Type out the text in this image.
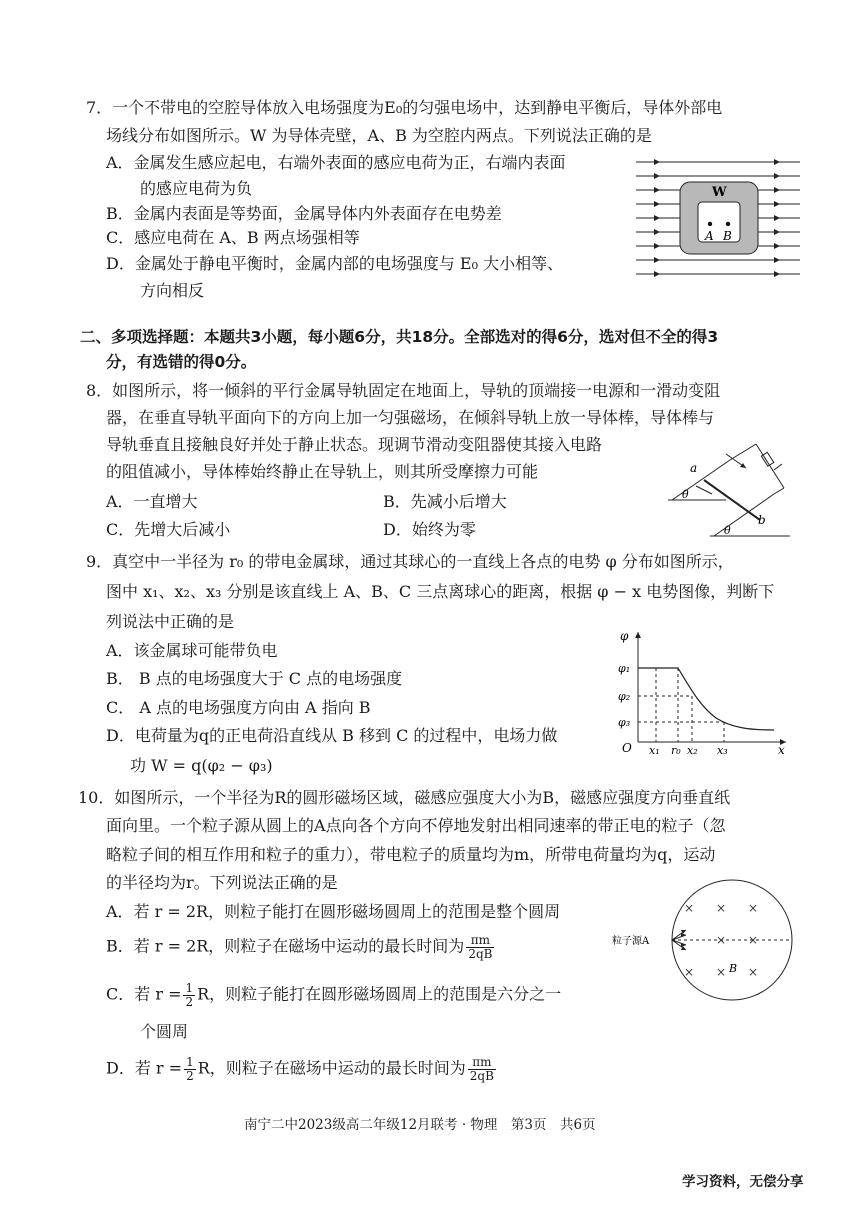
7．一个不带电的空腔导体放入电场强度为E₀的匀强电场中，达到静电平衡后，导体外部电
场线分布如图所示。W 为导体壳壁，A、B 为空腔内两点。下列说法正确的是
A．金属发生感应起电，右端外表面的感应电荷为正，右端内表面
的感应电荷为负
B．金属内表面是等势面，金属导体内外表面存在电势差
C．感应电荷在 A、B 两点场强相等
D．金属处于静电平衡时，金属内部的电场强度与 E₀ 大小相等、
方向相反
W
A B
二、多项选择题：本题共3小题，每小题6分，共18分。全部选对的得6分，选对但不全的得3
分，有选错的得0分。
8．如图所示，将一倾斜的平行金属导轨固定在地面上，导轨的顶端接一电源和一滑动变阻
器，在垂直导轨平面向下的方向上加一匀强磁场，在倾斜导轨上放一导体棒，导体棒与
导轨垂直且接触良好并处于静止状态。现调节滑动变阻器使其接入电路
的阻值减小，导体棒始终静止在导轨上，则其所受摩擦力可能
A．一直增大	B．先减小后增大
C．先增大后减小	D．始终为零
a
b
θ
θ
9．真空中一半径为 r₀ 的带电金属球，通过其球心的一直线上各点的电势 φ 分布如图所示，
图中 x₁、x₂、x₃ 分别是该直线上 A、B、C 三点离球心的距离，根据 φ − x 电势图像，判断下
列说法中正确的是
A．该金属球可能带负电
B． B 点的电场强度大于 C 点的电场强度
C． A 点的电场强度方向由 A 指向 B
D．电荷量为q的正电荷沿直线从 B 移到 C 的过程中，电场力做
功 W = q(φ₂ − φ₃)
φ
φ₁
φ₂
φ₃
O	x
x₁ r₀ x₂ x₃
10．如图所示，一个半径为R的圆形磁场区域，磁感应强度大小为B，磁感应强度方向垂直纸
面向里。一个粒子源从圆上的A点向各个方向不停地发射出相同速率的带正电的粒子（忽
略粒子间的相互作用和粒子的重力），带电粒子的质量均为m，所带电荷量均为q，运动
的半径均为r。下列说法正确的是
A．若 r = 2R，则粒子能打在圆形磁场圆周上的范围是整个圆周
B．若 r = 2R，则粒子在磁场中运动的最长时间为 $\frac{\pi m}{2qB}$
C．若 $r = \frac{1}{2}$ R，则粒子能打在圆形磁场圆周上的范围是六分之一
个圆周
D．若 $r = \frac{1}{2}$ R，则粒子在磁场中运动的最长时间为 $\frac{\pi m}{2qB}$
粒子源A
× × ×
× ×
× × ×
B
南宁二中2023级高二年级12月联考 · 物理　第3页　共6页
学习资料，无偿分享
